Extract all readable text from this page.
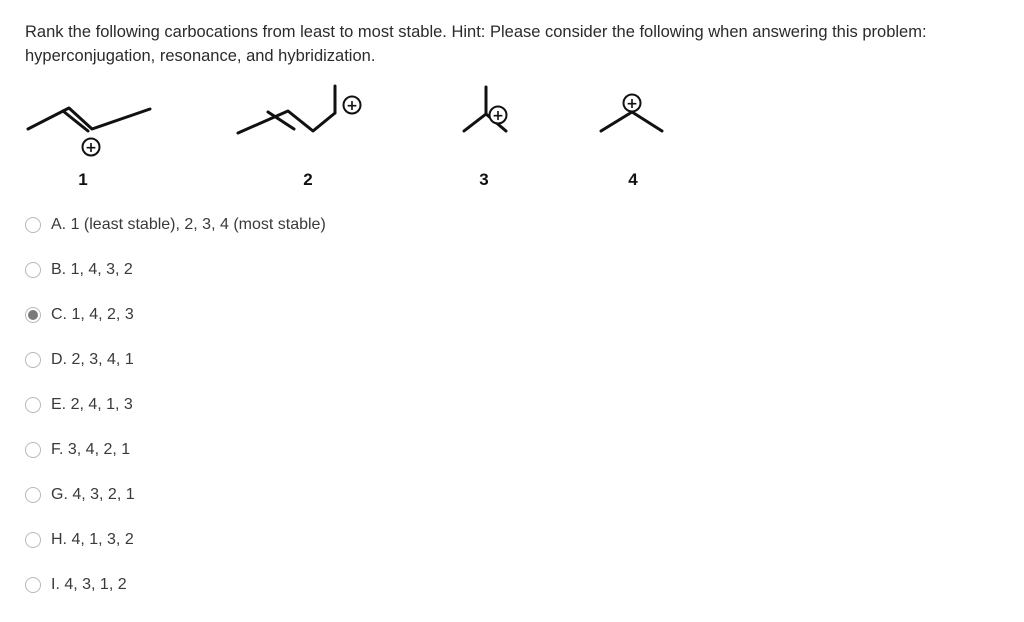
Rank the following carbocations from least to most stable. Hint: Please consider the following when answering this problem: hyperconjugation, resonance, and hybridization.
+
+
+
+
1	2	3	4
A. 1 (least stable), 2, 3, 4 (most stable)
B. 1, 4, 3, 2
C. 1, 4, 2, 3
D. 2, 3, 4, 1
E. 2, 4, 1, 3
F. 3, 4, 2, 1
G. 4, 3, 2, 1
H. 4, 1, 3, 2
I. 4, 3, 1, 2
